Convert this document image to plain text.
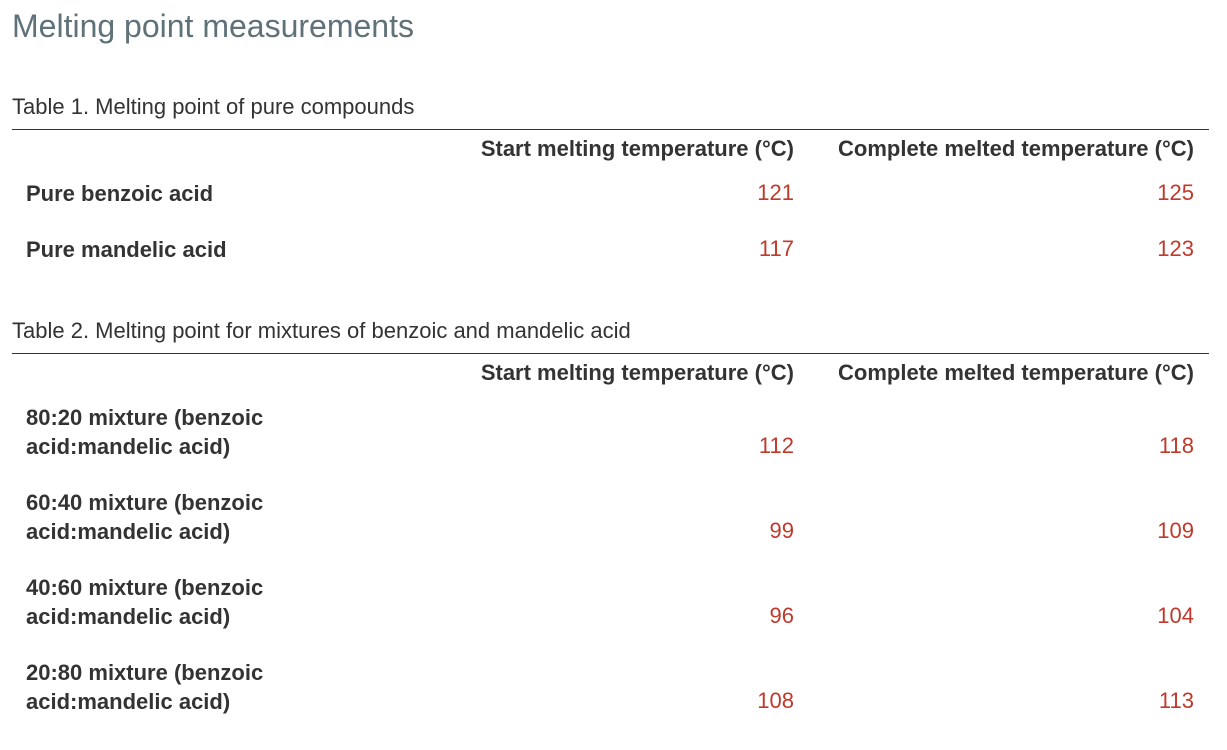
Melting point measurements

Table 1. Melting point of pure compounds

Start melting temperature (°C) Complete melted temperature (°C)
Pure benzoic acid	121	125
Pure mandelic acid	117	123

Table 2. Melting point for mixtures of benzoic and mandelic acid

Start melting temperature (°C) Complete melted temperature (°C)
80:20 mixture (benzoic acid:mandelic acid)	112	118
60:40 mixture (benzoic acid:mandelic acid)	99	109
40:60 mixture (benzoic acid:mandelic acid)	96	104
20:80 mixture (benzoic acid:mandelic acid)	108	113
